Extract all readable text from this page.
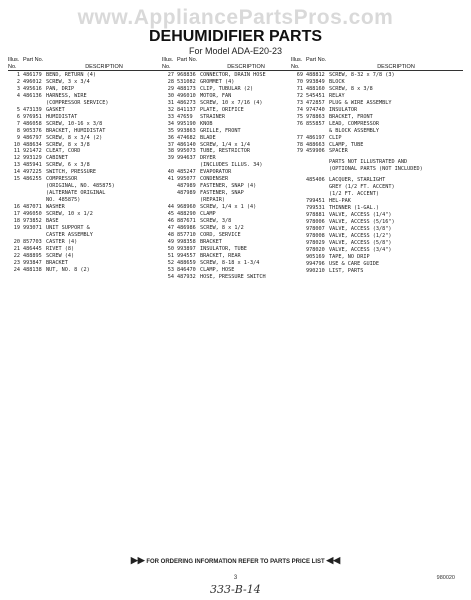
www.AppliancePartsPros.com
DEHUMIDIFIER PARTS
For Model ADA-E20-23
Illus. No.
Part No.
DESCRIPTION
1 486179 BEND, RETURN (4)
2 496012 SCREW, 3 x 3/4
3 495616 PAN, DRIP
4 486136 HARNESS, WIRE
(COMPRESSOR SERVICE)
5 473139 GASKET
6 976951 HUMIDISTAT
7 486058 SCREW, 10-16 x 3/8
8 905376 BRACKET, HUMIDISTAT
9 486797 SCREW, 8 x 3/4 (2)
10 488634 SCREW, 8 x 3/8
11 921472 CLEAT, CORD
12 993129 CABINET
13 485941 SCREW, 6 x 3/8
14 497225 SWITCH, PRESSURE
15 486255 COMPRESSOR
(ORIGINAL, NO. 485875)
(ALTERNATE ORIGINAL
NO. 485875)
16 487071 WASHER
17 496050 SCREW, 10 x 1/2
18 973852 BASE
19 993071 UNIT SUPPORT &
CASTER ASSEMBLY
20 857703 CASTER (4)
21 486445 RIVET (8)
22 488895 SCREW (4)
23 993847 BRACKET
24 488138 NUT, NO. 8 (2)
Illus. No.
Part No.
DESCRIPTION
27 968836 CONNECTOR, DRAIN HOSE
28 531082 GROMMET (4)
29 488173 CLIP, TUBULAR (2)
30 496010 MOTOR, FAN
31 486273 SCREW, 10 x 7/16 (4)
32 841137 PLATE, ORIFICE
33 47659	STRAINER
34 995190 KNOB
35 993863 GRILLE, FRONT
36 474682 BLADE
37 486140 SCREW, 1/4 x 1/4
38 995073 TUBE, RESTRICTOR
39 994637 DRYER
(INCLUDES ILLUS. 34)
40 485247 EVAPORATOR
41 995077 CONDENSER
487989 FASTENER, SNAP (4)
487989 FASTENER, SNAP
(REPAIR)
44 968960 SCREW, 1/4 x 1 (4)
45 488290 CLAMP
46 887671 SCREW, 3/8
47 486986 SCREW, 8 x 1/2
48 857710 CORD, SERVICE
49 998358 BRACKET
50 993897 INSULATOR, TUBE
51 994557 BRACKET, REAR
52 488659 SCREW, 8-18 x 1-3/4
53 846470 CLAMP, HOSE
54 487932 HOSE, PRESSURE SWITCH
Illus. No.
Part No.
DESCRIPTION
69 488812 SCREW, 8-32 x 7/8 (3)
70 993849 BLOCK
71 488160 SCREW, 8 x 3/8
72 545451 RELAY
73 472857 PLUG & WIRE ASSEMBLY
74 974740 INSULATOR
75 978863 BRACKET, FRONT
76 855857 LEAD, COMPRESSOR
& BLOCK ASSEMBLY
77 486197 CLIP
78 488663 CLAMP, TUBE
79 459906 SPACER
PARTS NOT ILLUSTRATED AND
(OPTIONAL PARTS (NOT INCLUDED)
485406 LACQUER, STARLIGHT
GREY (1/2 FT. ACCENT)
(1/2 FT. ACCENT)
799451 HEL-PAK
799531 THINNER (1-GAL.)
978881 VALVE, ACCESS (1/4")
978006 VALVE, ACCESS (5/16")
978007 VALVE, ACCESS (3/8")
978008 VALVE, ACCESS (1/2")
978029 VALVE, ACCESS (5/8")
978020 VALVE, ACCESS (3/4")
905169 TAPE, NO DRIP
994796 USE & CARE GUIDE
990210 LIST, PARTS
▶▶ FOR ORDERING INFORMATION REFER TO PARTS PRICE LIST ◀◀
3	980020
333-B-14
